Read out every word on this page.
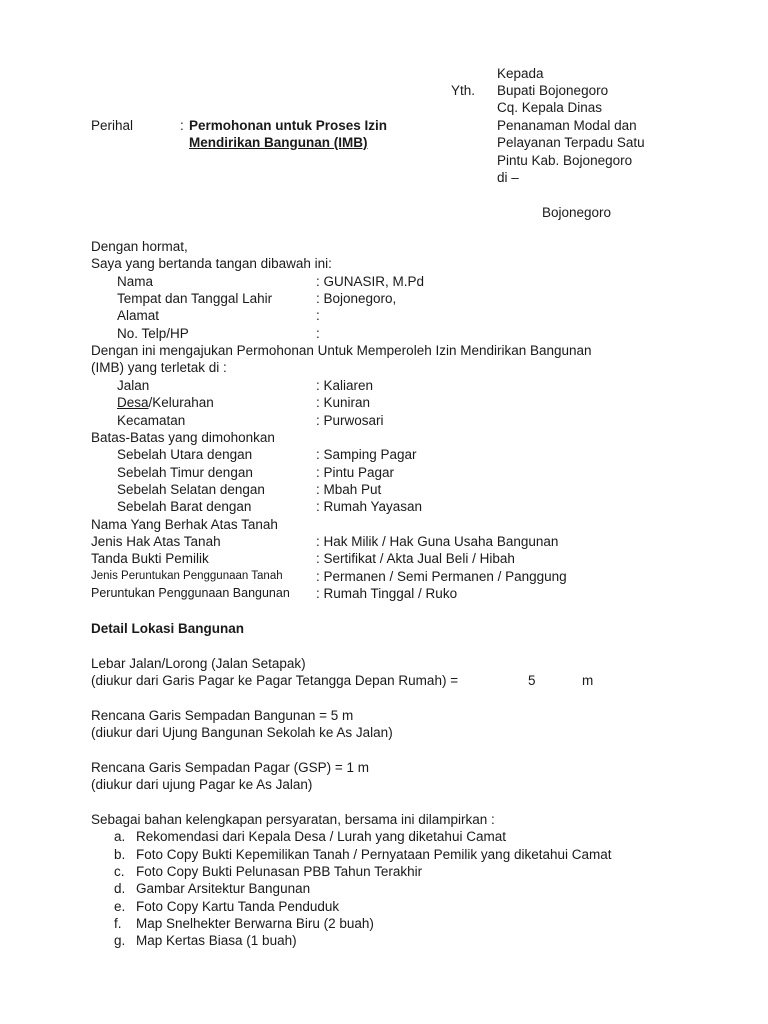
Kepada
Yth. Bupati Bojonegoro
Cq. Kepala Dinas
Penanaman Modal dan
Pelayanan Terpadu Satu
Pintu Kab. Bojonegoro
di –
Bojonegoro
Perihal	: Permohonan untuk Proses Izin
Mendirikan Bangunan (IMB)
Dengan hormat,
Saya yang bertanda tangan dibawah ini:
Nama	: GUNASIR, M.Pd
Tempat dan Tanggal Lahir	: Bojonegoro,
Alamat	:
No. Telp/HP	:
Dengan ini mengajukan Permohonan Untuk Memperoleh Izin Mendirikan Bangunan
(IMB) yang terletak di :
Jalan	: Kaliaren
Desa/Kelurahan	: Kuniran
Kecamatan	: Purwosari
Batas-Batas yang dimohonkan
Sebelah Utara dengan	: Samping Pagar
Sebelah Timur dengan	: Pintu Pagar
Sebelah Selatan dengan	: Mbah Put
Sebelah Barat dengan	: Rumah Yayasan
Nama Yang Berhak Atas Tanah
Jenis Hak Atas Tanah	: Hak Milik / Hak Guna Usaha Bangunan
Tanda Bukti Pemilik	: Sertifikat / Akta Jual Beli / Hibah
Jenis Peruntukan Penggunaan Tanah : Permanen / Semi Permanen / Panggung
Peruntukan Penggunaan Bangunan : Rumah Tinggal / Ruko
Detail Lokasi Bangunan
Lebar Jalan/Lorong (Jalan Setapak)
(diukur dari Garis Pagar ke Pagar Tetangga Depan Rumah) =	5	m
Rencana Garis Sempadan Bangunan = 5 m
(diukur dari Ujung Bangunan Sekolah ke As Jalan)
Rencana Garis Sempadan Pagar (GSP) = 1 m
(diukur dari ujung Pagar ke As Jalan)
Sebagai bahan kelengkapan persyaratan, bersama ini dilampirkan :
a. Rekomendasi dari Kepala Desa / Lurah yang diketahui Camat
b. Foto Copy Bukti Kepemilikan Tanah / Pernyataan Pemilik yang diketahui Camat
c. Foto Copy Bukti Pelunasan PBB Tahun Terakhir
d. Gambar Arsitektur Bangunan
e. Foto Copy Kartu Tanda Penduduk
f. Map Snelhekter Berwarna Biru (2 buah)
g. Map Kertas Biasa (1 buah)
